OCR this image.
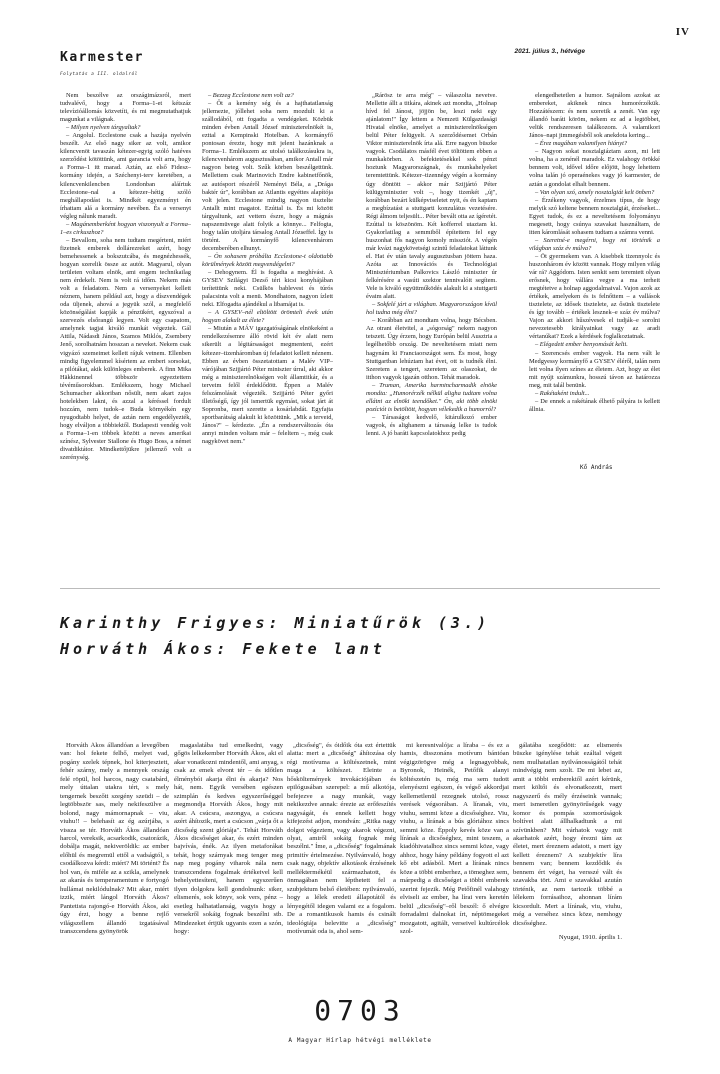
IV
2021. július 3., hétvége
Karmester
Folytatás a III. oldalról

Nem beszélve az országimázsról, mert tudvalévő, hogy a Forma–1-et kétszáz televízióállomás közvetíti, és mi megmutathatjuk magunkat a világnak.

– Milyen nyelven tárgyaltak?

– Angolul. Ecclestone csak a hazája nyelvén beszélt. Az első nagy siker az volt, amikor kilencvenöt tavaszán kétezer-egyig szóló hatéves szerződést kötöttünk, ami garancia volt arra, hogy a Forma–1 itt marad. Aztán, az első Fidesz–kormány idején, a Széchenyi-terv keretében, a kilencvenkilencben Londonban aláírtuk Ecclestone–nal a kétezer–hétig szóló meghállapodást is. Mindkét egyezményt én írhattam alá a kormány nevében. És a versenyt végleg nálunk maradt.

– Magánemberként hogyan viszonyult a Forma–1–es cirkuszhoz?

– Bevallom, soha nem tudtam megérteni, miért fizetnek emberek dollárezreket azért, hogy bemehessenek a bokszutcába, és megnézhessék, hogyan szerelik össze az autót. Magyarul, olyan területen voltam elnök, ami engem technikailag nem érdekelt. Nem is volt rá időm. Nekem más volt a feladatom. Nem a versenyeket kellett néznem, hanem például azt, hogy a díszvendégek oda üljenek, ahová a jegyük szól, a megfelelő közönségálást kapják a pénzükért, egyszóval a szervezés elsőrangú legyen. Volt egy csapatom, amelynek tagjai kiváló munkát végeztek. Gál Attila, Nádasdi János, Szamos Miklós, Zsembery Jenő, sorolhatnám hosszan a neveket. Nekem csak vigyázó szemeimet kellett rájuk vetnem. Ellenben mindig figyelemmel kísértem az emberi sorsokat, a pilótákat, akik különleges emberek. A finn Mika Häkkinennel többször egyeztettem tévéműsorokban. Emlékszem, hogy Michael Schumacher akkoriban nősült, nem akart zajos hotelekben lakni, és azzal a kéréssel fordult hozzám, nem tudok–e Buda környékén egy nyugodtabb helyet, de aztán nem engedélyezték, hogy elváljon a többiektől. Budapesti vendég volt a Forma–1-en többek között a neves amerikai színész, Sylvester Stallone és Hugo Boss, a német divatdiktátor. Mindkettőjükre jellemző volt a szerénység.

– Bezzeg Ecclestone nem volt az?

– Őt a kemény ség és a hajthatatlanság jellemezte, jóllehet soha nem mozdult ki a szállodából, ott fogadta a vendégeket. Közbük minden évben Antall József miniszterelnökét is, ezttal a Kempinski Hotelban. A kormányfő pontosan érezte, hogy mit jelent hazánknak a Forma–1. Emlékszem az utolsó találkozásukra is, kilencvenhárom augusztusában, amikor Antall már nagyon beteg volt. Szűk körben beszélgettünk. Mellettem csak Marinovich Endre kabinetfőnök, az autósport részéről Neményi Béla, a „Drága baktér úr", korábban az Atlantis egyéttes alapítója volt jelen. Ecclestone mindig nagyon tisztelte Antallt mint magatot. Ezúttal is. És mi között tárgyaltunk, azt vettem észre, hogy a mágnás napszemüvege alatt folyik a könnye... Felfogta, hogy talán utoljára társalog Antall Józseffel. Így is történt. A kormányfő kilencvenhárom decemberében elhunyt.

– Ön sohasem próbálta Ecclestone-t oldottabb körülmények között megvendégelni?

– Dehogynem. Él is fogadta a meghívást. A GYSEV Szilágyi Dezső téri kicsi konyhájában terítettünk neki. Csülkös bablevest és túrós palacsinta volt a menü. Mondhatom, nagyon ízlett neki. Elfogadta ajándékul a libamájat is.

– A GYSEV–nél eltöltött örömteli évek után hogyan alakult az élete?

– Miután a MÁV igazgatóságának elnökeként a rendelkezésemre álló rövid két év alatt nem sikerült a légitársaságot megmenteni, ezért kétezer–tizenháromban új feladatot kellett néznem. Ebben az évben összetatottam a Malév VIP–várójában Szijjártó Péter miniszter úrral, aki akkor még a miniszterelnökségen volt államtitkár, és a terveim felől érdeklődött. Éppen a Malév felszámolását végezték. Szijjártó Péter győri illetőségű, így jól ismertük egymást, sokat járt át Sopronba, mert szerette a kosárlabdát. Egyfajta sportbarátság alakult ki közöttünk. „Mik a terveid, János?" – kérdezte. „Én a rendszerváltozás óta annyi minden voltam már – feleltem –, még csak nagykövet nem."

„Rárösz te arra még" – válaszolta nevetve. Mellette állt a titkára, akinek azt mondta, „Holnap hívd fel Jánost, jöjjön be, leszi neki egy ajánlatom!" Így lettem a Nemzeti Külgazdasági Hivatal elnöke, amelyet a miniszterelnökségen belül Péter felügyelt. A szerződésemet Orbán Viktor miniszterelnök írta alá. Erre nagyon büszke vagyok. Csodálatos másfél évet töltöttem ebben a munkakörben. A befektetésekkel sok pénzt hoztunk Magyarországnak, és munkahelyeket teremtettünk. Kétezer–tizennégy végén a kormány úgy döntött – akkor már Szijjártó Péter külügyminiszter volt –, hogy tizenkét „új", korábban bezárt külképviseletet nyit, és én kaptam a megbízatást a stuttgarti konzulátus vezetésére. Régi álmom teljesült... Péter bevált otta az ígéretét. Ezúttal is köszönöm. Két kofferrel utaztam ki. Gyakorlatilag a semmiből építettem fel egy huszonhat fős nagyon komoly missziót. A végén már kvázi nagykövetségi szintű feladatokat láttunk el. Hat év után tavaly augusztusban jöttem haza. Azóta az Innovációs és Technológiai Minisztériumban Palkovics László miniszter úr felkérésére a vasúti szektor tennivalóit segítem. Vele is kiváló együttműködés alakult ki a stuttgarti évaim alatt.

– Sokfelé járt a világban. Magyarországon kívül hol tudna még élni?

– Korábban azt mondtam volna, hogy Bécsben. Az otrani életvitel, a „sógorság" nekem nagyon tetszett. Úgy érzem, hogy Európán belül Ausztria a legélhetőbb ország. De neveltetésem miatt nem hagynám ki Franciaországot sem. És most, hogy Stuttgartban lehúztam hat évet, ott is tudnék élni. Szeretem a tengert, szeretem az olaszokat, de itthon vagyok igazán otthon. Tehát maradok.

– Truman, Amerika harmincharmadik elnöke mondta: „Humorérzék nélkül aligha tudtam volna ellátni az elnöki teendőket." Ön, aki több elnöki pozíciót is betöltött, hogyan vélekedik a humorról?

– Társaságot kedvelő, kitárulkozó ember vagyok, és alighanem a társaság lelke is tudok lenni. A jó baráti kapcsolatokhoz pedig

elengedhetetlen a humor. Sajnálom azokat az embereket, akiknek nincs humorérzékük. Hozzátészem: és nem szeretik a zenét. Van egy állandó baráti köröm, nekem ez ad a legtöbbet, velük rendszeresen találkozom. A valamikori János–napi jimmegésből sok anekdota kering...

– Érez magában valamilyen hiányt?

– Nagyon sokat nosztalgiáztam azon, mi lett volna, ha a zenénél maradok. Ez valahogy örökké bennem volt, idővel időre előjött, hogy lehettem volna talán jó operaénekes vagy jó karmester, de aztán a gondolat elhalt bennem.

– Van olyan szó, amely nosztalgiát kelt önben?

– Érzékeny vagyok, érzelmes típus, de hogy melyik szó keltene bennem nosztalgiát, érzéseket... Egyet tudok, és ez a neveltetésem folyományu megesett, hogy csúnya szavakat használtam, de itten káromlását sohasem tudtam a számra venni.

– Szeretné-e megérni, hogy mi történik a világban száz év múlva?

– Öt gyermekem van. A kisebbek tizennyolc és huszonhárom év között vannak. Hogy milyen világ vár rá? Aggódom. Isten senkit sem teremtett olyan erősnek, hogy vállára vegye a ma terheit megtétetve a holnap aggodalmaival. Vajon azok az értékek, amelyeken és is felnőttem – a vallások tisztelete, az idősek tisztelete, az ősünk tisztelete és így tovább – értékek lesznek–e száz év múlva? Vajon az akkori hűszévesek el tudják–e sorolni nevezetesebb királyainkat vagy az aradi vértanúkat? Ezek a kérdések foglalkoztatnak.

– Elégedett ember benyomását kelti.

– Szerencsés ember vagyok. Ha nem vált le Medgyessy kormányfő a GYSEV éléről, talán nem lett volna ilyen színes az életem. Azt, hogy az élet mit nyújt számunkra, hosszú távon az határozza meg, mit talál benünk.

– Rakétaként indult...

– De ennek a rakétának élhető pályára is kellett állnia.

Kő András
Karinthy Frigyes: Miniatűrök (3.)
Horváth Ákos: Fekete lant

Horváth Ákos állandóan a levegőben van: hol fekete felhő, melyet vad, pogány szelek tépnek, hol kiterjesztett, fehér szárny, mely a mennyek ország felé röpül, hol harcos, nagy csatabárd, mely úttalan utakra tért, s mely tengernek beszőtt szegény szeüdi – de legtöbbször sas, mely nekifeszülve a bolond, nagy mámornapnak – viu, viuhu!! – belehasít az ég azúrjába, s vissza se tér. Horváth Ákos állandóan harcol, vereksik, acsarkodik, csatorázik, dobálja magát, nekiveröldik: az ember előhül és megremül ettől a vadságtól, s csodálkozva kérdi: miért? Mi történt? És hol van, és miféle az a szikla, amelynek az akarás és temperamentum e fortyogó hullámai nekilódulnak? Mit akar, miért izzik, miért lángol Horváth Ákos? Pantetista rajongó-e Horváth Ákos, aki úgy érzi, hogy a benne rejlő világszellem állandó izgatásával transzcendens gyönyörök

magaslatába tud emelkedni, vagy gőgös lelkekember Horváth Ákos, aki el akar vonatkozni mindentől, ami anyag, s csak az emek elvont tér – és időtlen élménybói akarja élni és akarja? Nos hát, nem. Egyik versében egészen szimplán és kedves egyszerűséggel megmondja Horváth Ákos, hogy mit akar. A csúcsra, aszongya, a csúcsra azért áhítozik, mert a csúcson „várja őt a dicsőség szent glóriája". Tehát Horváth Ákos dicsőséget akar, és ezért minden bajvívás, énék. Az ilyen metaforákat tehát, hogy szárnyak meg tenger meg nap meg pogány viharok nála nem transzcendens fogalmak értékeivel kell behelyettesíteni, hanem egyszerűen ilyen dolgokra kell gondolnunk: siker, elismerés, sok könyv, sok vers, pénz – esetleg halhatatlanság, vagyis hogy a versekről sokáig fognak beszélni stb. Mindezeket értjük ugyanis ezen a szón, hogy:

„dicsőség", és óidőik óta ezt értettük alatta: mert a „dicsőség" áhítozása oly régi motívuma a költészetnek, mint maga a költészet. Eleinte a hősköltemények invokációjában és epilógusában szerepel: a mű alkotója, befejezve a nagy munkát, vagy nekikezdve annak: érezte az erőfeszítés nagyságát, és ennek kellett hogy kifejezést adjon, mondván: „Ritka nagy dolgot végeztem, vagy akarok végezni, olyat, amiről sokáig fognak még beszélni." Íme, a „dicsőség" fogalmának primitív értelmezése. Nyilvánvaló, hogy csak nagy, objektív alkotások érzésének melléktermékéül származhatott, és önmagában nem lépthetett fel a szubjektum belső életében: nyilvánvaló, hogy a lélek eredeti állapotától és lényegétől idegen valami ez a fogalom. De a romantikusok hamis és csinált ideológiája belevitte a „dicsőség" motívumát oda is, ahol sem-

mi keresnivalója: a líraba – és ez a hamis, disszonáns motívum bántóan végigzörögve még a legnagyobbak, Byronok, Heinék, Petőfik alanyi költészetén is, még ma sem tudott elenyészni egészen, és végső akkordjai kellemetlenül rezegnek utolsó, rossz verések végsorában. A líranak, viu, viuhu, semmi köze a dicsőséghez. Viu, viuhu, a lírának a bús glóriához sincs semmi köze. Éppoly kevés köze van a lírának a dicsőséghez, mint teszem, a kiadóhivatalhoz sincs semmi köze, vagy ahhoz, hogy hány példány fogyott el azt kő ebi adásból. Mert a lírának nincs köze a többi emberhez, a tömeghez sem, márpedig a dicsőséget a többi emberek szerint fejezik. Még Petőfinél valahogy elviseli az ember, ha lírai vers keretén belül „dicsőség"–ről beszél: ő elvégre forradalmi dalnokat írt, néptömegeket mozgatott, agitált, verseivel kultúrcélok szol-

gálatába szegődött: az elismerés büszke igénylése tehát ezáltal végett nem mulhatatlan nyilvánosságától tehát mindvégig nem szolt. De mi lebet az, amit a többi emberektől azért kérünk, mert költői és elvonatkozott, mert nagyszerű és mély érzéseink vannak; mert ismeretlen gyönyörűségek vagy komor és pompás szomorúságok boltívei alatt állhalkadtunk a mi szívünkben? Mit várhatok vagy mit akarhatok azért, hogy érezni tám az életet, mert éreznem adatott, s mert így kellett éreznem? A szubjektív líra bennem van; bennem kezdődik és bennem ért véget, ha versszé vált és szavakba tört. Ami e szavakkal azután történik, az nem tartozik többé a lélekem forrásaihoz, ahonnan lírám kicsordult. Mert a lírának, viu, viuhu, még a verséhez sincs köze, nemhogy dicsőséghez.

Nyugat, 1910. április 1.

0703
A Magyar Hírlap hétvégi melléklete
